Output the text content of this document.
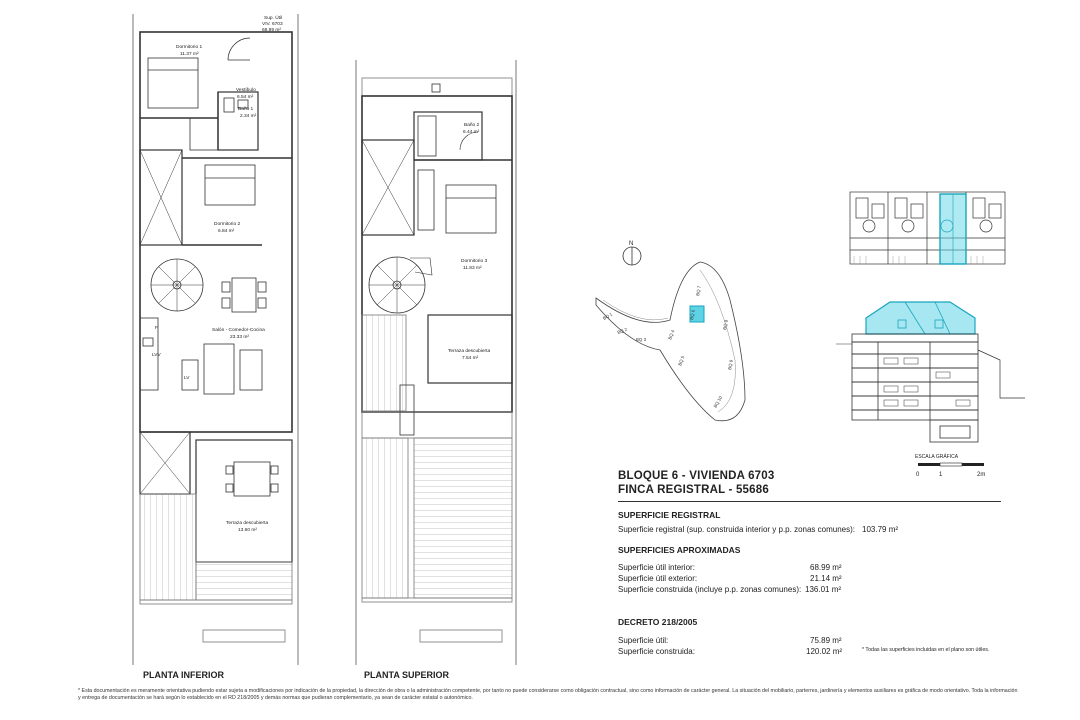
Sup. Útil
VIV. 6703
68.99 m²
Dormitorio 1
11.37 m²
Vestíbulo
6.54 m²
Baño 1
2.34 m²
Dormitorio 2
6.84 m²
Salón - Comedor-Cocina
23.33 m²
Terraza descubierta
13.60 m²
LVV
LV
F
Baño 2
6.44 m²
Dormitorio 3
11.83 m²
Terraza descubierta
7.54 m²
PLANTA INFERIOR	PLANTA SUPERIOR
N
BQ 1
BQ 2
BQ 3	BQ 4
BQ 5
BQ 6
BQ 7
BQ 8
BQ 9
BQ 10
ESCALA GRÁFICA
0	1	2m
BLOQUE 6 - VIVIENDA 6703
FINCA REGISTRAL - 55686
SUPERFICIE REGISTRAL
Superficie registral (sup. construida interior y p.p. zonas comunes): 103.79 m²
SUPERFICIES APROXIMADAS
Superficie útil interior:	68.99 m²
Superficie útil exterior:	21.14 m²
Superficie construida (incluye p.p. zonas comunes): 136.01 m²
DECRETO 218/2005
Superficie útil:	75.89 m²
Superficie construida:	120.02 m²	* Todas las superficies incluidas en el plano son útiles.
* Esta documentación es meramente orientativa pudiendo estar sujeta a modificaciones por indicación de la propiedad, la dirección de obra o la administración competente, por tanto no puede considerarse como obligación contractual, sino como información de carácter general. La situación del mobiliario, parterres, jardinería y elementos auxiliares es gráfica de modo orientativo. Toda la información y entrega de documentación se hará según lo establecido en el RD 218/2005 y demás normas que pudieran complementario, ya sean de carácter estatal o autonómico.
